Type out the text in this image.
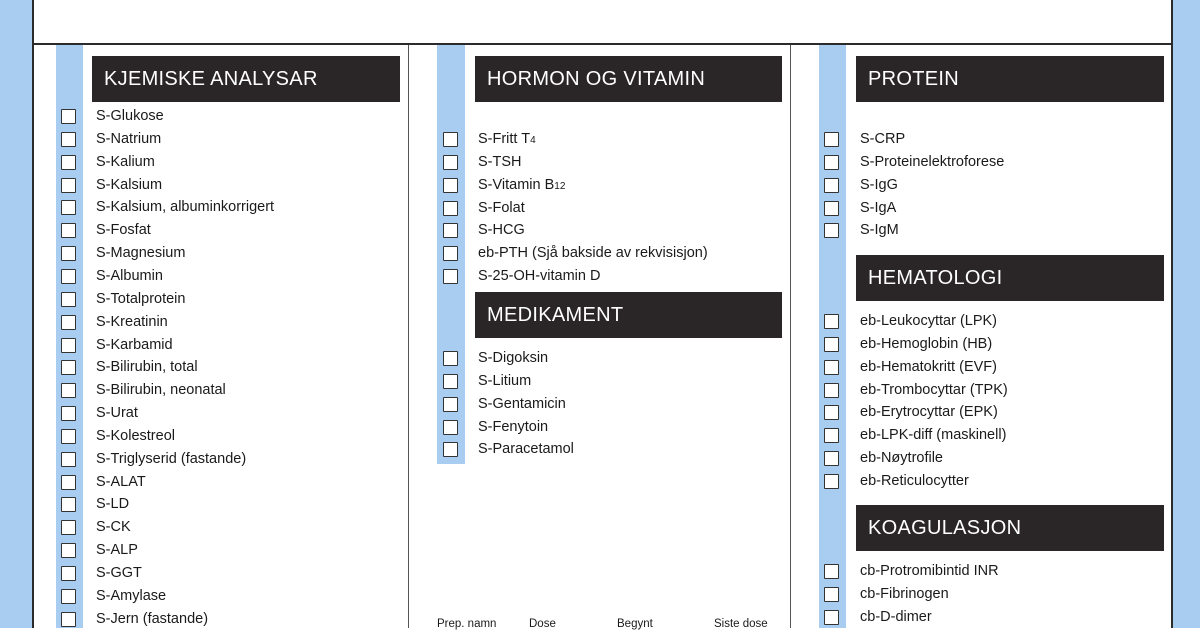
KJEMISKE ANALYSAR
S-Glukose
S-Natrium
S-Kalium
S-Kalsium
S-Kalsium, albuminkorrigert
S-Fosfat
S-Magnesium
S-Albumin
S-Totalprotein
S-Kreatinin
S-Karbamid
S-Bilirubin, total
S-Bilirubin, neonatal
S-Urat
S-Kolestreol
S-Triglyserid (fastande)
S-ALAT
S-LD
S-CK
S-ALP
S-GGT
S-Amylase
S-Jern (fastande)
HORMON OG VITAMIN
MEDIKAMENT
S-Fritt T4
S-TSH
S-Vitamin B12
S-Folat
S-HCG
eb-PTH (Sjå bakside av rekvisisjon)
S-25-OH-vitamin D
S-Digoksin
S-Litium
S-Gentamicin
S-Fenytoin
S-Paracetamol
Prep. namn	Dose	Begynt	Siste dose
PROTEIN
HEMATOLOGI
KOAGULASJON
S-CRP
S-Proteinelektroforese
S-IgG
S-IgA
S-IgM
eb-Leukocyttar (LPK)
eb-Hemoglobin (HB)
eb-Hematokritt (EVF)
eb-Trombocyttar (TPK)
eb-Erytrocyttar (EPK)
eb-LPK-diff (maskinell)
eb-Nøytrofile
eb-Reticulocytter
cb-Protromibintid INR
cb-Fibrinogen
cb-D-dimer
